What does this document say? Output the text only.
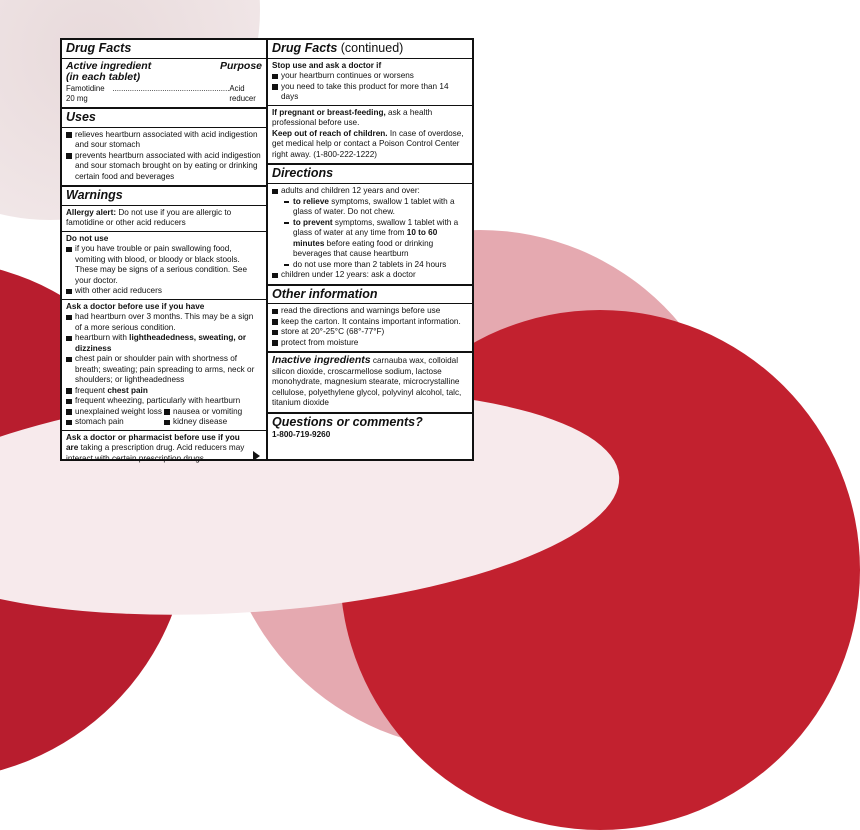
Drug Facts
Active ingredient	Purpose
(in each tablet)
Famotidine 20 mg
...................................................... Acid reducer
Uses
relieves heartburn associated with acid indigestion and sour stomach
prevents heartburn associated with acid indigestion and sour stomach brought on by eating or drinking certain food and beverages
Warnings
Allergy alert: Do not use if you are allergic to famotidine or other acid reducers
Do not use
if you have trouble or pain swallowing food, vomiting with blood, or bloody or black stools. These may be signs of a serious condition. See your doctor.
with other acid reducers
Ask a doctor before use if you have
had heartburn over 3 months. This may be a sign of a more serious condition.
heartburn with lightheadedness, sweating, or dizziness
chest pain or shoulder pain with shortness of breath; sweating; pain spreading to arms, neck or shoulders; or lightheadedness
frequent chest pain
frequent wheezing, particularly with heartburn
unexplained weight loss
stomach pain
nausea or vomiting
kidney disease
Ask a doctor or pharmacist before use if you are taking a prescription drug. Acid reducers may interact with certain prescription drugs.
Drug Facts (continued)
Stop use and ask a doctor if
your heartburn continues or worsens
you need to take this product for more than 14 days
If pregnant or breast-feeding, ask a health professional before use.
Keep out of reach of children. In case of overdose, get medical help or contact a Poison Control Center right away. (1-800-222-1222)
Directions
adults and children 12 years and over:
to relieve symptoms, swallow 1 tablet with a glass of water. Do not chew.
to prevent symptoms, swallow 1 tablet with a glass of water at any time from 10 to 60 minutes before eating food or drinking beverages that cause heartburn
do not use more than 2 tablets in 24 hours
children under 12 years: ask a doctor
Other information
read the directions and warnings before use
keep the carton. It contains important information.
store at 20°-25°C (68°-77°F)
protect from moisture
Inactive ingredients carnauba wax, colloidal silicon dioxide, croscarmellose sodium, lactose monohydrate, magnesium stearate, microcrystalline cellulose, polyethylene glycol, polyvinyl alcohol, talc, titanium dioxide
Questions or comments?
1-800-719-9260
